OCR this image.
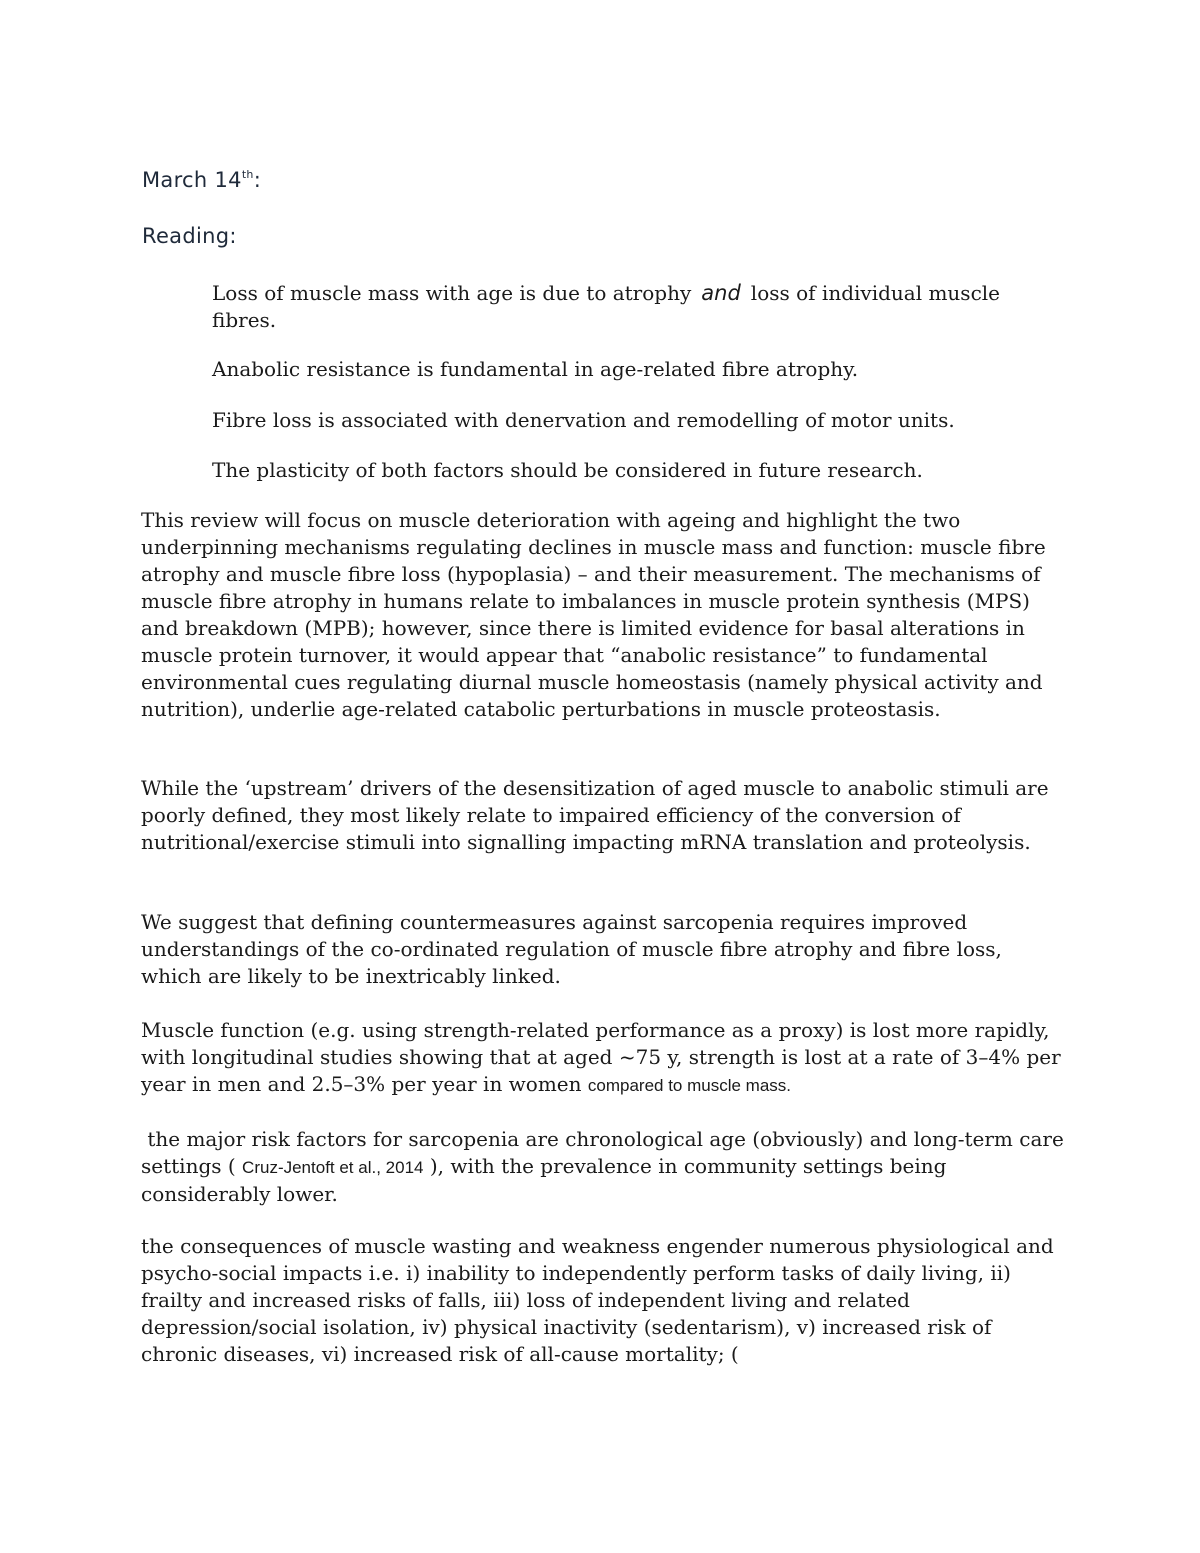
March 14th:

Reading:

Loss of muscle mass with age is due to atrophy and loss of individual muscle fibres.

Anabolic resistance is fundamental in age-related fibre atrophy.

Fibre loss is associated with denervation and remodelling of motor units.

The plasticity of both factors should be considered in future research.

This review will focus on muscle deterioration with ageing and highlight the two underpinning mechanisms regulating declines in muscle mass and function: muscle fibre atrophy and muscle fibre loss (hypoplasia) – and their measurement. The mechanisms of muscle fibre atrophy in humans relate to imbalances in muscle protein synthesis (MPS) and breakdown (MPB); however, since there is limited evidence for basal alterations in muscle protein turnover, it would appear that “anabolic resistance” to fundamental environmental cues regulating diurnal muscle homeostasis (namely physical activity and nutrition), underlie age-related catabolic perturbations in muscle proteostasis.

While the ‘upstream’ drivers of the desensitization of aged muscle to anabolic stimuli are poorly defined, they most likely relate to impaired efficiency of the conversion of nutritional/exercise stimuli into signalling impacting mRNA translation and proteolysis.

We suggest that defining countermeasures against sarcopenia requires improved understandings of the co-ordinated regulation of muscle fibre atrophy and fibre loss, which are likely to be inextricably linked.

Muscle function (e.g. using strength-related performance as a proxy) is lost more rapidly, with longitudinal studies showing that at aged ~75 y, strength is lost at a rate of 3–4% per year in men and 2.5–3% per year in women compared to muscle mass.

the major risk factors for sarcopenia are chronological age (obviously) and long-term care settings ( Cruz-Jentoft et al., 2014 ), with the prevalence in community settings being considerably lower.

the consequences of muscle wasting and weakness engender numerous physiological and psycho-social impacts i.e. i) inability to independently perform tasks of daily living, ii) frailty and increased risks of falls, iii) loss of independent living and related depression/social isolation, iv) physical inactivity (sedentarism), v) increased risk of chronic diseases, vi) increased risk of all-cause mortality; (
